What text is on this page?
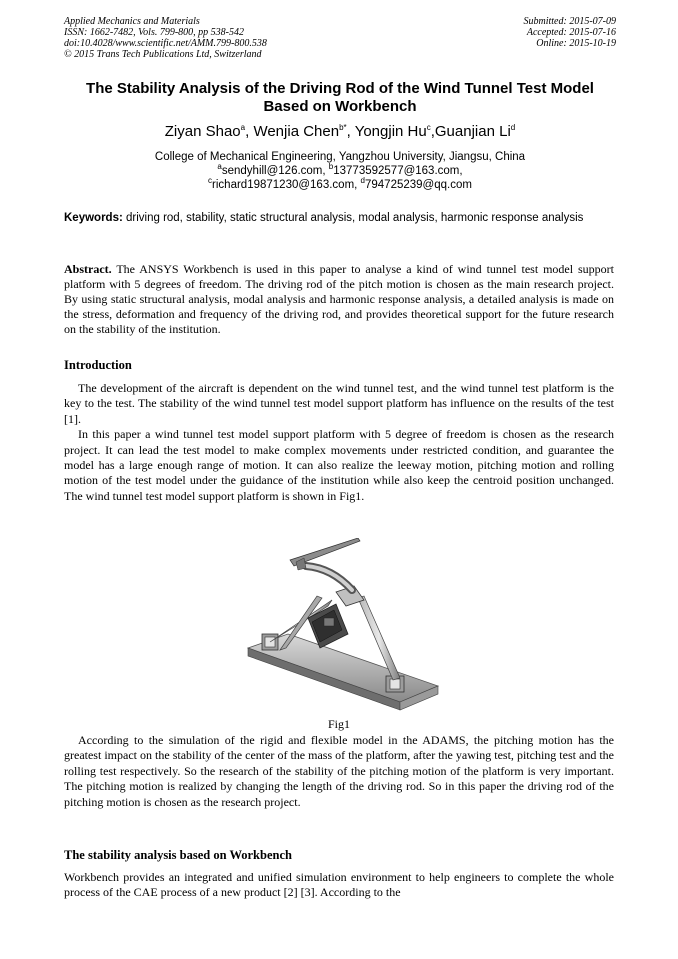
Applied Mechanics and Materials
ISSN: 1662-7482, Vols. 799-800, pp 538-542
doi:10.4028/www.scientific.net/AMM.799-800.538
© 2015 Trans Tech Publications Ltd, Switzerland
Submitted: 2015-07-09
Accepted: 2015-07-16
Online: 2015-10-19
The Stability Analysis of the Driving Rod of the Wind Tunnel Test Model
Based on Workbench
Ziyan Shao$^a$, Wenjia Chen$^{b*}$, Yongjin Hu$^c$,Guanjian Li$^d$
College of Mechanical Engineering, Yangzhou University, Jiangsu, China
$^a$sendyhill@126.com, $^b$13773592577@163.com,
$^c$richard19871230@163.com, $^d$794725239@qq.com
Keywords: driving rod, stability, static structural analysis, modal analysis, harmonic response analysis
Abstract. The ANSYS Workbench is used in this paper to analyse a kind of wind tunnel test model support platform with 5 degrees of freedom. The driving rod of the pitch motion is chosen as the main research project. By using static structural analysis, modal analysis and harmonic response analysis, a detailed analysis is made on the stress, deformation and frequency of the driving rod, and provides theoretical support for the future research on the stability of the institution.
Introduction

The development of the aircraft is dependent on the wind tunnel test, and the wind tunnel test platform is the key to the test. The stability of the wind tunnel test model support platform has influence on the results of the test [1].

In this paper a wind tunnel test model support platform with 5 degree of freedom is chosen as the research project. It can lead the test model to make complex movements under restricted condition, and guarantee the model has a large enough range of motion. It can also realize the leeway motion, pitching motion and rolling motion of the test model under the guidance of the institution while also keep the centroid position unchanged. The wind tunnel test model support platform is shown in Fig1.

Fig1

According to the simulation of the rigid and flexible model in the ADAMS, the pitching motion has the greatest impact on the stability of the center of the mass of the platform, after the yawing test, pitching test and the rolling test respectively. So the research of the stability of the pitching motion of the platform is very important. The pitching motion is realized by changing the length of the driving rod. So in this paper the driving rod of the pitching motion is chosen as the research project.

The stability analysis based on Workbench
Workbench provides an integrated and unified simulation environment to help engineers to complete the whole process of the CAE process of a new product [2] [3]. According to the
